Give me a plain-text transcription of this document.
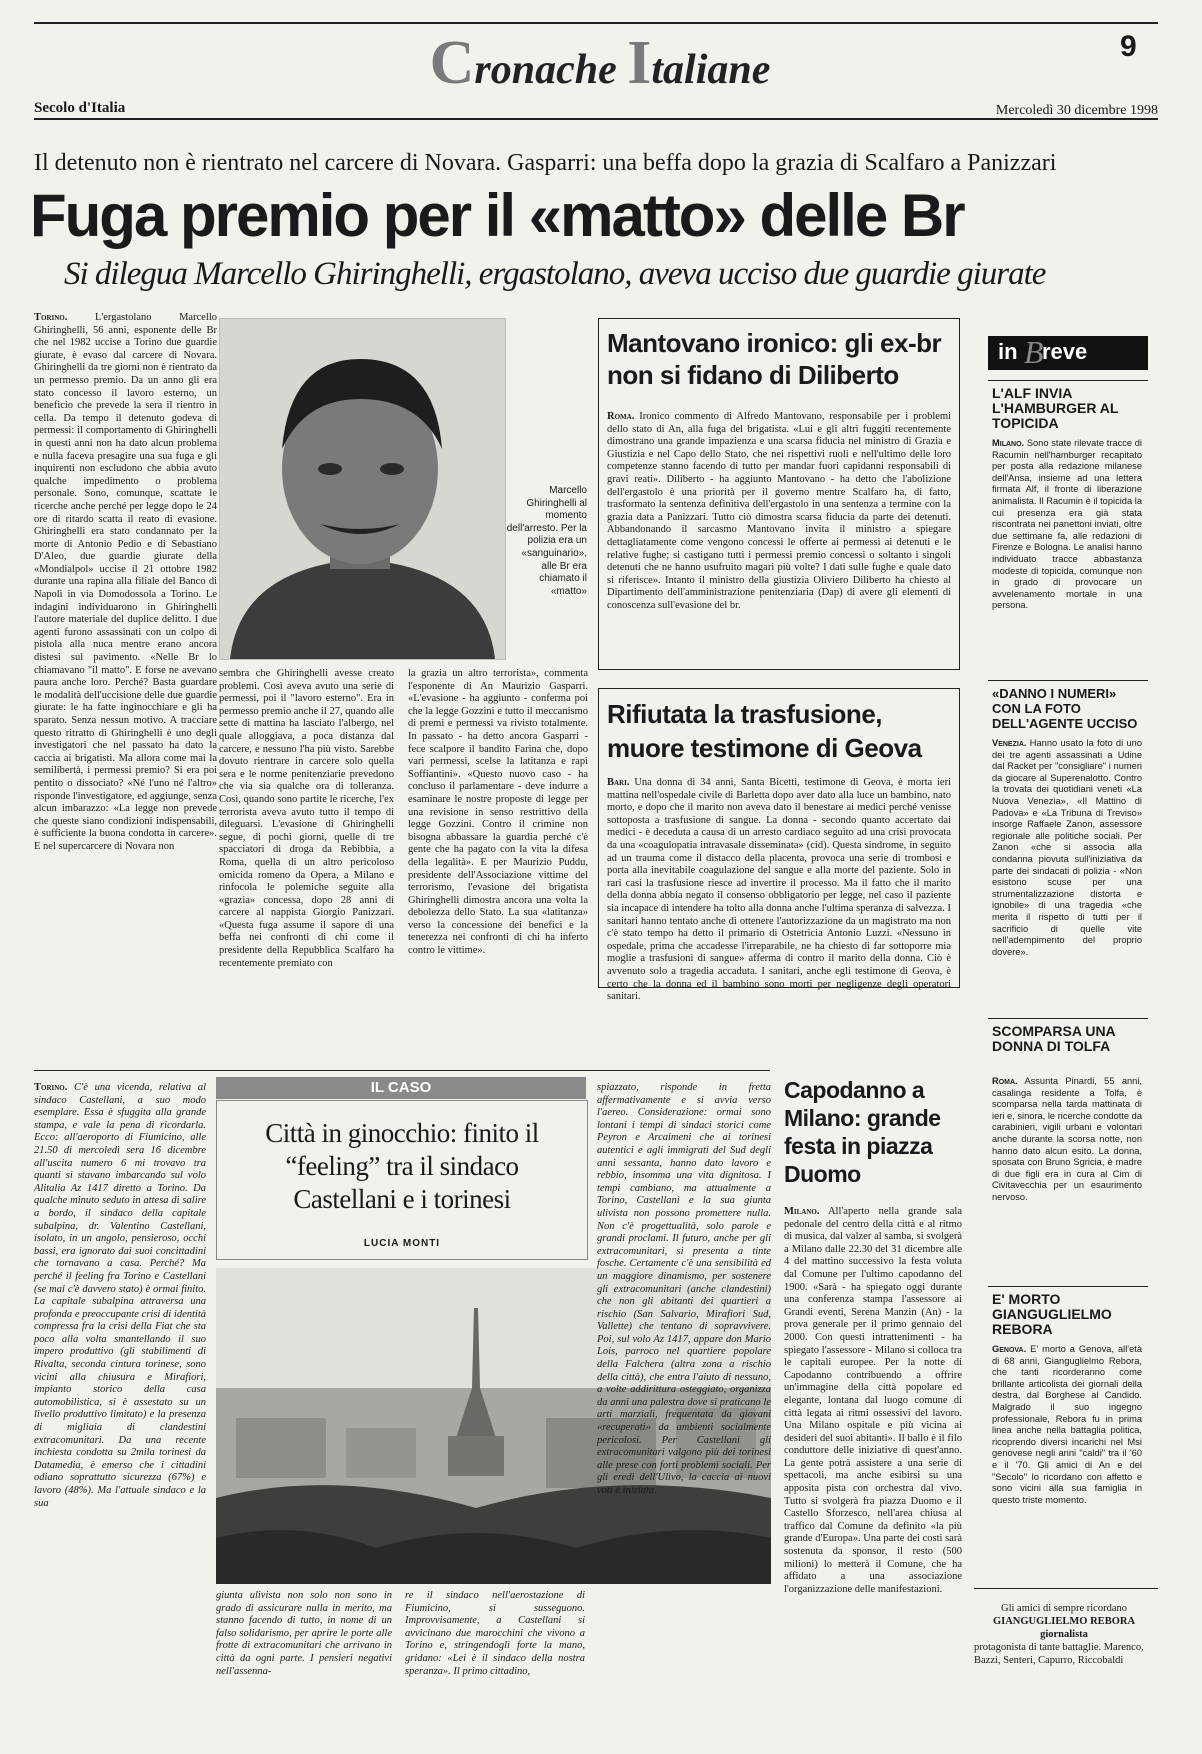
Cronache Italiane
9
Secolo d'Italia	Mercoledì 30 dicembre 1998
Il detenuto non è rientrato nel carcere di Novara. Gasparri: una beffa dopo la grazia di Scalfaro a Panizzari
Fuga premio per il «matto» delle Br
Si dilegua Marcello Ghiringhelli, ergastolano, aveva ucciso due guardie giurate
Torino.	L'ergastolano Marcello Ghiringhelli, 56 anni, esponente delle Br che nel 1982 uccise a Torino due guardie giurate, è evaso dal carcere di Novara. Ghiringhelli da tre giorni non è rientrato da un permesso premio. Da un anno gli era stato concesso il lavoro esterno, un beneficio che prevede la sera il rientro in cella. Da tempo il detenuto godeva di permessi: il comportamento di Ghiringhelli in questi anni non ha dato alcun problema e nulla faceva presagire una sua fuga e gli inquirenti non escludono che abbia avuto qualche impedimento o problema personale. Sono, comunque, scattate le ricerche anche perché per legge dopo le 24 ore di ritardo scatta il reato di evasione. Ghiringhelli era stato condannato per la morte di Antonio Pedio e di Sebastiano D'Aleo, due guardie giurate della «Mondialpol» uccise il 21 ottobre 1982 durante una rapina alla filiale del Banco di Napoli in via Domodossola a Torino. Le indagini individuarono in Ghiringhelli l'autore materiale del duplice delitto. I due agenti furono assassinati con un colpo di pistola alla nuca mentre erano ancora distesi sul pavimento. «Nelle Br lo chiamavano "il matto". E forse ne avevano paura anche loro. Perché? Basta guardare le modalità dell'uccisione delle due guardie giurate: le ha fatte inginocchiare e gli ha sparato. Senza nessun motivo. A tracciare questo ritratto di Ghiringhelli è uno degli investigatori che nel passato ha dato la caccia ai brigatisti. Ma allora come mai la semilibertà, i permessi premio? Si era poi pentito o dissociato? «Né l'uno né l'altro» risponde l'investigatore, ed aggiunge, senza alcun imbarazzo: «La legge non prevede che queste siano condizioni indispensabili, è sufficiente la buona condotta in carcere». E nel supercarcere di Novara non
Marcello Ghiringhelli al momento dell'arresto. Per la polizia era un «sanguinario», alle Br era chiamato il «matto»
sembra che Ghiringhelli avesse creato problemi. Così aveva avuto una serie di permessi, poi il "lavoro esterno". Era in permesso premio anche il 27, quando alle sette di mattina ha lasciato l'albergo, nel quale alloggiava, a poca distanza dal carcere, e nessuno l'ha più visto. Sarebbe dovuto rientrare in carcere solo quella sera e le norme penitenziarie prevedono che via sia qualche ora di tolleranza. Così, quando sono partite le ricerche, l'ex terrorista aveva avuto tutto il tempo di dileguarsi. L'evasione di Ghiringhelli segue, di pochi giorni, quelle di tre spacciatori di droga da Rebibbia, a Roma, quella di un altro pericoloso omicida romeno da Opera, a Milano e rinfocola le polemiche seguite alla «grazia» concessa, dopo 28 anni di carcere al nappista Giorgio Panizzari. «Questa fuga assume il sapore di una beffa nei confronti di chi come il presidente della Repubblica Scalfaro ha recentemente premiato con
la grazia un altro terrorista», commenta l'esponente di An Maurizio Gasparri. «L'evasione - ha aggiunto - conferma poi che la legge Gozzini e tutto il meccanismo di premi e permessi va rivisto totalmente. In passato - ha detto ancora Gasparri - fece scalpore il bandito Farina che, dopo vari permessi, scelse la latitanza e rapì Soffiantini». «Questo nuovo caso - ha concluso il parlamentare - deve indurre a esaminare le nostre proposte di legge per una revisione in senso restrittivo della legge Gozzini. Contro il crimine non bisogna abbassare la guardia perché c'è gente che ha pagato con la vita la difesa della legalità». E per Maurizio Puddu, presidente dell'Associazione vittime del terrorismo, l'evasione del brigatista Ghiringhelli dimostra ancora una volta la debolezza dello Stato. La sua «latitanza» verso la concessione dei benefici e la tenerezza nei confronti di chi ha inferto contro le vittime».
Mantovano ironico: gli ex-br non si fidano di Diliberto
Roma. Ironico commento di Alfredo Mantovano, responsabile per i problemi dello stato di An, alla fuga del brigatista. «Lui e gli altri fuggiti recentemente dimostrano una grande impazienza e una scarsa fiducia nel ministro di Grazia e Giustizia e nel Capo dello Stato, che nei rispettivi ruoli e nell'ultimo delle loro competenze stanno facendo di tutto per mandar fuori capidanni responsabili di gravi reati». Diliberto - ha aggiunto Mantovano - ha detto che l'abolizione dell'ergastolo è una priorità per il governo mentre Scalfaro ha, di fatto, trasformato la sentenza definitiva dell'ergastolo in una sentenza a termine con la grazia data a Panizzari. Tutto ciò dimostra scarsa fiducia da parte dei detenuti. Abbandonando il sarcasmo Mantovano invita il ministro a spiegare dettagliatamente come vengono concessi le offerte ai permessi ai detenuti e le relative fughe; si castigano tutti i permessi premio concessi o soltanto i singoli detenuti che ne hanno usufruito magari più volte? I dati sulle fughe e quale dato si riferisce». Intanto il ministro della giustizia Oliviero Diliberto ha chiesto al Dipartimento dell'amministrazione penitenziaria (Dap) di avere gli elementi di conoscenza sull'evasione del br.
Rifiutata la trasfusione, muore testimone di Geova
Bari. Una donna di 34 anni, Santa Bicetti, testimone di Geova, è morta ieri mattina nell'ospedale civile di Barletta dopo aver dato alla luce un bambino, nato morto, e dopo che il marito non aveva dato il benestare ai medici perché venisse sottoposta a trasfusione di sangue. La donna - secondo quanto accertato dai medici - è deceduta a causa di un arresto cardiaco seguito ad una crisi provocata da una «coagulopatia intravasale disseminata» (cid). Questa sindrome, in seguito ad un trauma come il distacco della placenta, provoca una serie di trombosi e porta alla inevitabile coagulazione del sangue e alla morte del paziente. Solo in rari casi la trasfusione riesce ad invertire il processo. Ma il fatto che il marito della donna abbia negato il consenso obbligatorio per legge, nel caso il paziente sia incapace di intendere ha tolto alla donna anche l'ultima speranza di salvezza. I sanitari hanno tentato anche di ottenere l'autorizzazione da un magistrato ma non c'è stato tempo ha detto il primario di Ostetricia Antonio Luzzi. «Nessuno in ospedale, prima che accadesse l'irreparabile, ne ha chiesto di far sottoporre mia moglie a trasfusioni di sangue» afferma di contro il marito della donna. Ciò è avvenuto solo a tragedia accaduta. I sanitari, anche egli testimone di Geova, è certo che la donna ed il bambino sono morti per negligenze degli operatori sanitari.
in B
reve
L'ALF INVIA L'HAMBURGER AL TOPICIDA
Milano. Sono state rilevate tracce di Racumin nell'hamburger recapitato per posta alla redazione milanese dell'Ansa, insieme ad una lettera firmata Alf, il fronte di liberazione animalista. Il Racumin è il topicida la cui presenza era già stata riscontrata nei panettoni inviati, oltre due settimane fa, alle redazioni di Firenze e Bologna. Le analisi hanno individuato tracce abbastanza modeste di topicida, comunque non in grado di provocare un avvelenamento mortale in una persona.
«DANNO I NUMERI» CON LA FOTO DELL'AGENTE UCCISO
Venezia. Hanno usato la foto di uno dei tre agenti assassinati a Udine dal Racket per "consigliare" i numeri da giocare al Superenalotto. Contro la trovata dei quotidiani veneti «La Nuova Venezia», «Il Mattino di Padova» e «La Tribuna di Treviso» insorge Raffaele Zanon, assessore regionale alle politiche sociali. Per Zanon «che si associa alla condanna piovuta sull'iniziativa da parte dei sindacati di polizia - «Non esistono scuse per una strumentalizzazione distorta e ignobile» di una tragedia «che merita il rispetto di tutti per il sacrificio di quelle vite nell'adempimento del proprio dovere».
SCOMPARSA UNA DONNA DI TOLFA
Roma. Assunta Pinardi, 55 anni, casalinga residente a Tolfa, è scomparsa nella tarda mattinata di ieri e, sinora, le ricerche condotte da carabinieri, vigili urbani e volontari anche durante la scorsa notte, non hanno dato alcun esito. La donna, sposata con Bruno Sgricia, è madre di due figli era in cura al Cim di Civitavecchia per un esaurimento nervoso.
E' MORTO GIANGUGLIELMO REBORA
Genova. E' morto a Genova, all'età di 68 anni, Gianguglielmo Rebora, che tanti ricorderanno come brillante articolista dei giornali della destra, dal Borghese al Candido. Malgrado il suo ingegno professionale, Rebora fu in prima linea anche nella battaglia politica, ricoprendo diversi incarichi nel Msi genovese negli anni "caldi" tra il '60 e il '70. Gli amici di An e del "Secolo" lo ricordano con affetto e sono vicini alla sua famiglia in questo triste momento.
Gli amici di sempre ricordano
GIANGUGLIELMO REBORA
giornalista
protagonista di tante battaglie. Marenco, Bazzi, Senteri, Capurro, Riccobaldi
Torino. C'è una vicenda, relativa al sindaco Castellani, a suo modo esemplare. Essa è sfuggita alla grande stampa, e vale la pena di ricordarla. Ecco: all'aeroporto di Fiumicino, alle 21.50 di mercoledì sera 16 dicembre all'uscita numero 6 mi trovavo tra quanti si stavano imbarcando sul volo Alitalia Az 1417 diretto a Torino. Da qualche minuto seduto in attesa di salire a bordo, il sindaco della capitale subalpina, dr. Valentino Castellani, isolato, in un angolo, pensieroso, occhi bassi, era ignorato dai suoi concittadini che tornavano a casa. Perché? Ma perché il feeling fra Torino e Castellani (se mai c'è davvero stato) è ormai finito. La capitale subalpina attraversa una profonda e preoccupante crisi di identità compressa fra la crisi della Fiat che sta poco alla volta smantellando il suo impero produttivo (gli stabilimenti di Rivalta, seconda cintura torinese, sono vicini alla chiusura e Mirafiori, impianto storico della casa automobilistica, si è assestato su un livello produttivo limitato) e la presenza di migliaia di clandestini extracomunitari. Da una recente inchiesta condotta su 2mila torinesi da Datamedia, è emerso che i cittadini odiano soprattutto sicurezza (67%) e lavoro (48%). Ma l'attuale sindaco e la sua
IL CASO
Città in ginocchio: finito il “feeling” tra il sindaco Castellani e i torinesi
LUCIA MONTI
giunta ulivista non solo non sono in grado di assicurare nulla in merito, ma stanno facendo di tutto, in nome di un falso solidarismo, per aprire le porte alle frotte di extracomunitari che arrivano in città da ogni parte. I pensieri negativi nell'assenna-
re il sindaco nell'aerostazione di Fiumicino, si susseguono. Improvvisamente, a Castellani si avvicinano due marocchini che vivono a Torino e, stringendogli forte la mano, gridano: «Lei è il sindaco della nostra speranza». Il primo cittadino,
spiazzato, risponde in fretta affermativamente e si avvia verso l'aereo. Considerazione: ormai sono lontani i tempi di sindaci storici come Peyron e Arcaimeni che ai torinesi autentici e agli immigrati del Sud degli anni sessanta, hanno dato lavoro e rebbio, insomma una vita dignitosa. I tempi cambiano, ma attualmente a Torino, Castellani e la sua giunta ulivista non possono promettere nulla. Non c'è progettualità, solo parole e grandi proclami. Il futuro, anche per gli extracomunitari, si presenta a tinte fosche. Certamente c'è una sensibilità ed un maggiore dinamismo, per sostenere gli extracomunitari (anche clandestini) che non gli abitanti dei quartieri a rischio (San Salvario, Mirafiori Sud, Vallette) che tentano di sopravvivere. Poi, sul volo Az 1417, appare don Mario Lois, parroco nel quartiere popolare della Falchera (altra zona a rischio della città), che entra l'aiuto di nessuno, a volte addirittura osteggiato, organizza da anni una palestra dove si praticano le arti marziali, frequentata da giovani «recuperati» da ambienti socialmente pericolosi. Per Castellani gli extracomunitari valgono più dei torinesi alle prese con forti problemi sociali. Per gli eredi dell'Ulivo, la caccia ai nuovi voti è iniziata.
Capodanno a Milano: grande festa in piazza Duomo
Milano. All'aperto nella grande sala pedonale del centro della città e al ritmo di musica, dal valzer al samba, si svolgerà a Milano dalle 22.30 del 31 dicembre alle 4 del mattino successivo la festa voluta dal Comune per l'ultimo capodanno del 1900. «Sarà - ha spiegato oggi durante una conferenza stampa l'assessore ai Grandi eventi, Serena Manzin (An) - la prova generale per il primo gennaio del 2000. Con questi intrattenimenti - ha spiegato l'assessore - Milano si colloca tra le capitali europee. Per la notte di Capodanno contribuendo a offrire un'immagine della città popolare ed elegante, lontana dal luogo comune di città legata ai ritmi ossessivi del lavoro. Una Milano ospitale e più vicina ai desideri del suoi abitanti». Il ballo è il filo conduttore delle iniziative di quest'anno. La gente potrà assistere a una serie di spettacoli, ma anche esibirsi su una apposita pista con orchestra dal vivo. Tutto si svolgerà fra piazza Duomo e il Castello Sforzesco, nell'area chiusa al traffico dal Comune da definito «la più grande d'Europa». Una parte dei costi sarà sostenuta da sponsor, il resto (500 milioni) lo metterà il Comune, che ha affidato a una associazione l'organizzazione delle manifestazioni.
